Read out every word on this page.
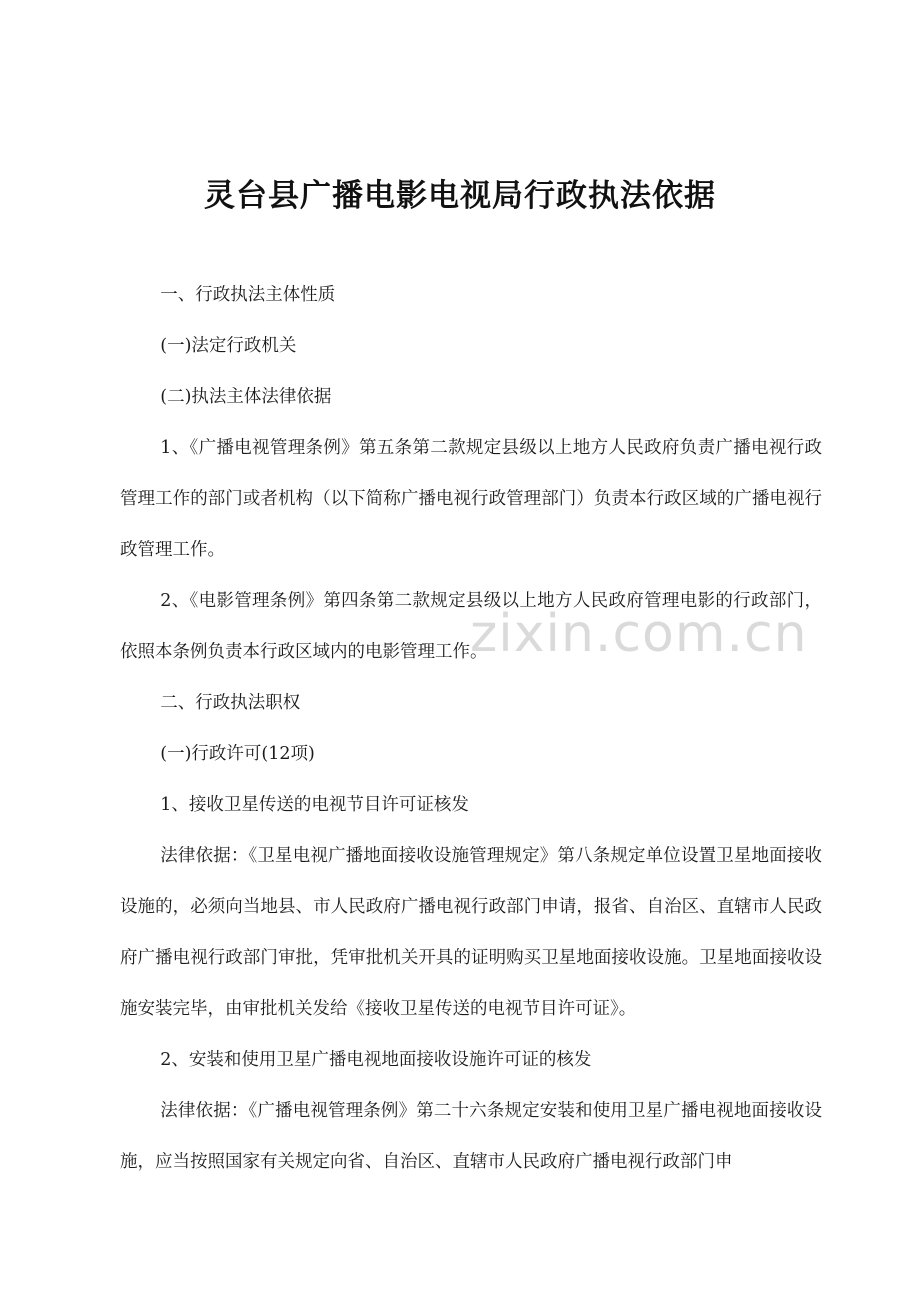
灵台县广播电影电视局行政执法依据

一、行政执法主体性质

(一)法定行政机关

(二)执法主体法律依据

1、《广播电视管理条例》第五条第二款规定县级以上地方人民政府负责广播电视行政管理工作的部门或者机构（以下简称广播电视行政管理部门）负责本行政区域的广播电视行政管理工作。

2、《电影管理条例》第四条第二款规定县级以上地方人民政府管理电影的行政部门，依照本条例负责本行政区域内的电影管理工作。

二、行政执法职权

(一)行政许可(12项)

1、接收卫星传送的电视节目许可证核发

法律依据：《卫星电视广播地面接收设施管理规定》第八条规定单位设置卫星地面接收设施的，必须向当地县、市人民政府广播电视行政部门申请，报省、自治区、直辖市人民政府广播电视行政部门审批，凭审批机关开具的证明购买卫星地面接收设施。卫星地面接收设施安装完毕，由审批机关发给《接收卫星传送的电视节目许可证》。

2、安装和使用卫星广播电视地面接收设施许可证的核发

法律依据：《广播电视管理条例》第二十六条规定安装和使用卫星广播电视地面接收设施，应当按照国家有关规定向省、自治区、直辖市人民政府广播电视行政部门申

zixin.com.cn
